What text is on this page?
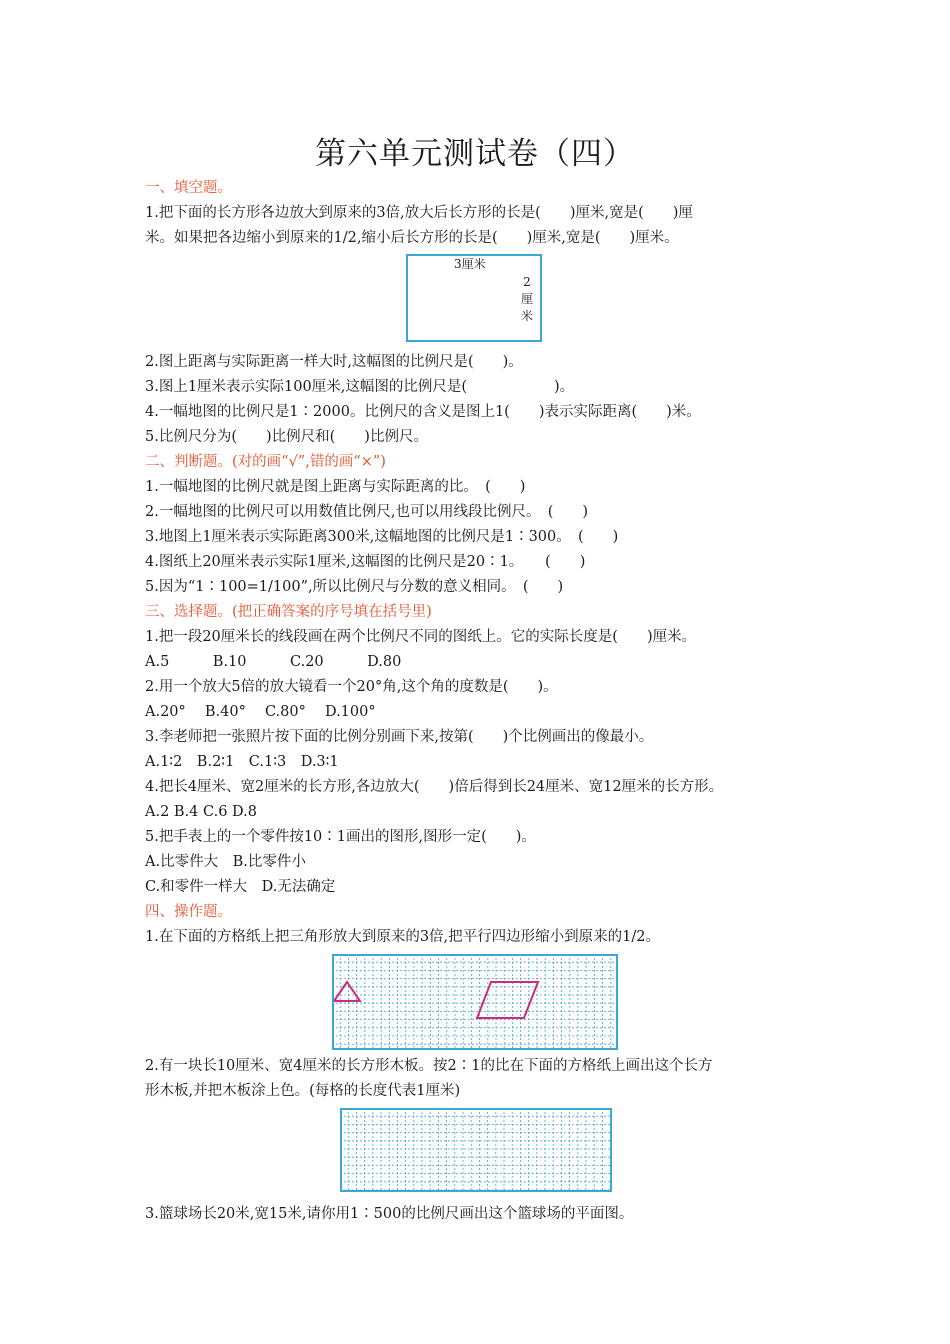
第六单元测试卷（四）
一、填空题。
1.把下面的长方形各边放大到原来的3倍,放大后长方形的长是(　　)厘米,宽是(　　)厘
米。如果把各边缩小到原来的1/2,缩小后长方形的长是(　　)厘米,宽是(　　)厘米。
3厘米
2
厘
米
2.图上距离与实际距离一样大时,这幅图的比例尺是(　　)。
3.图上1厘米表示实际100厘米,这幅图的比例尺是(　　　　　　)。
4.一幅地图的比例尺是1∶2000。比例尺的含义是图上1(　　)表示实际距离(　　)米。
5.比例尺分为(　　)比例尺和(　　)比例尺。
二、判断题。(对的画“√”,错的画“×”)
1.一幅地图的比例尺就是图上距离与实际距离的比。　(　　)
2.一幅地图的比例尺可以用数值比例尺,也可以用线段比例尺。　(　　)
3.地图上1厘米表示实际距离300米,这幅地图的比例尺是1∶300。　(　　)
4.图纸上20厘米表示实际1厘米,这幅图的比例尺是20∶1。　　(　　)
5.因为“1∶100=1/100”,所以比例尺与分数的意义相同。　(　　)
三、选择题。(把正确答案的序号填在括号里)
1.把一段20厘米长的线段画在两个比例尺不同的图纸上。它的实际长度是(　　)厘米。
A.5　　　B.10　　　C.20　　　D.80
2.用一个放大5倍的放大镜看一个20°角,这个角的度数是(　　)。
A.20°　 B.40°　 C.80°　 D.100°
3.李老师把一张照片按下面的比例分别画下来,按第(　　)个比例画出的像最小。
A.1∶2　B.2∶1　C.1∶3　D.3∶1
4.把长4厘米、宽2厘米的长方形,各边放大(　　)倍后得到长24厘米、宽12厘米的长方形。
A.2 B.4 C.6 D.8
5.把手表上的一个零件按10∶1画出的图形,图形一定(　　)。
A.比零件大　B.比零件小
C.和零件一样大　D.无法确定
四、操作题。
1.在下面的方格纸上把三角形放大到原来的3倍,把平行四边形缩小到原来的1/2。
2.有一块长10厘米、宽4厘米的长方形木板。按2∶1的比在下面的方格纸上画出这个长方
形木板,并把木板涂上色。(每格的长度代表1厘米)
3.篮球场长20米,宽15米,请你用1∶500的比例尺画出这个篮球场的平面图。
